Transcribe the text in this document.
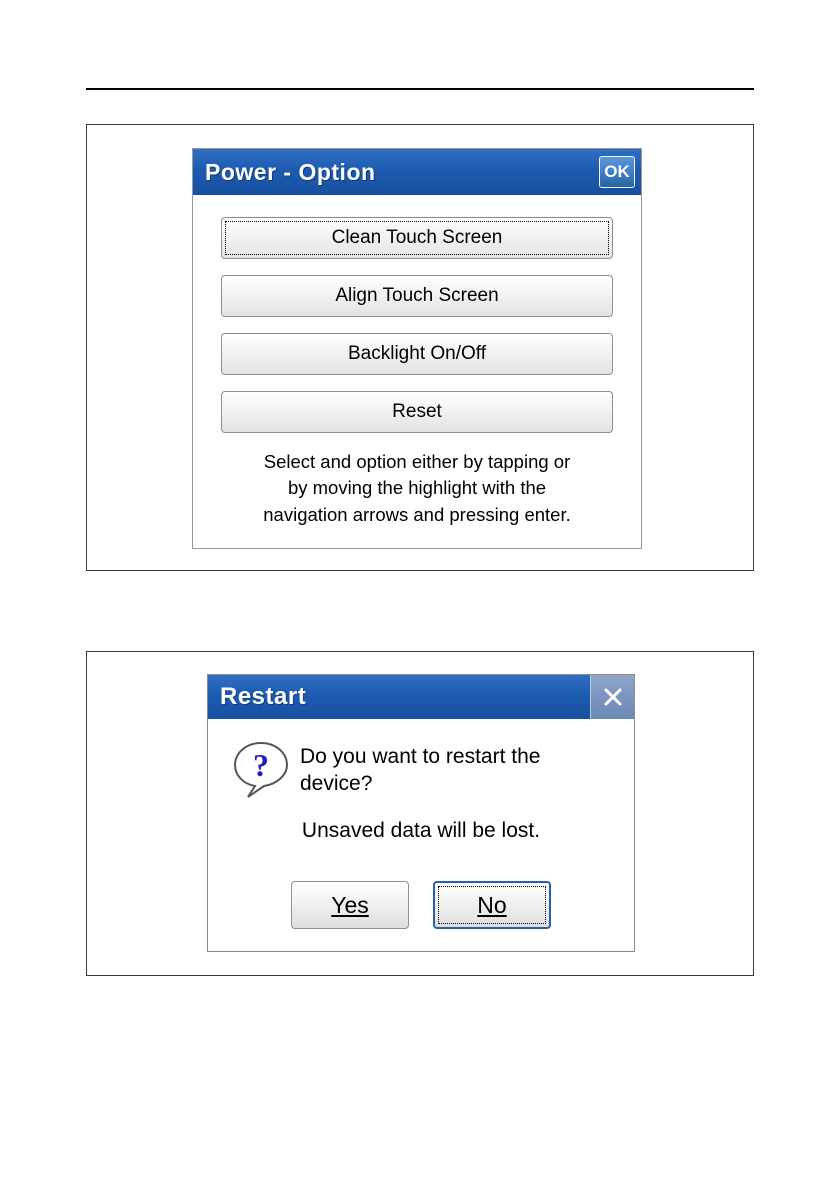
Power - Option	OK
Clean Touch Screen
Align Touch Screen
Backlight On/Off
Reset
Select and option either by tapping or
by moving the highlight with the
navigation arrows and pressing enter.
Restart
? Do you want to restart the
device?
Unsaved data will be lost.
Yes	No
